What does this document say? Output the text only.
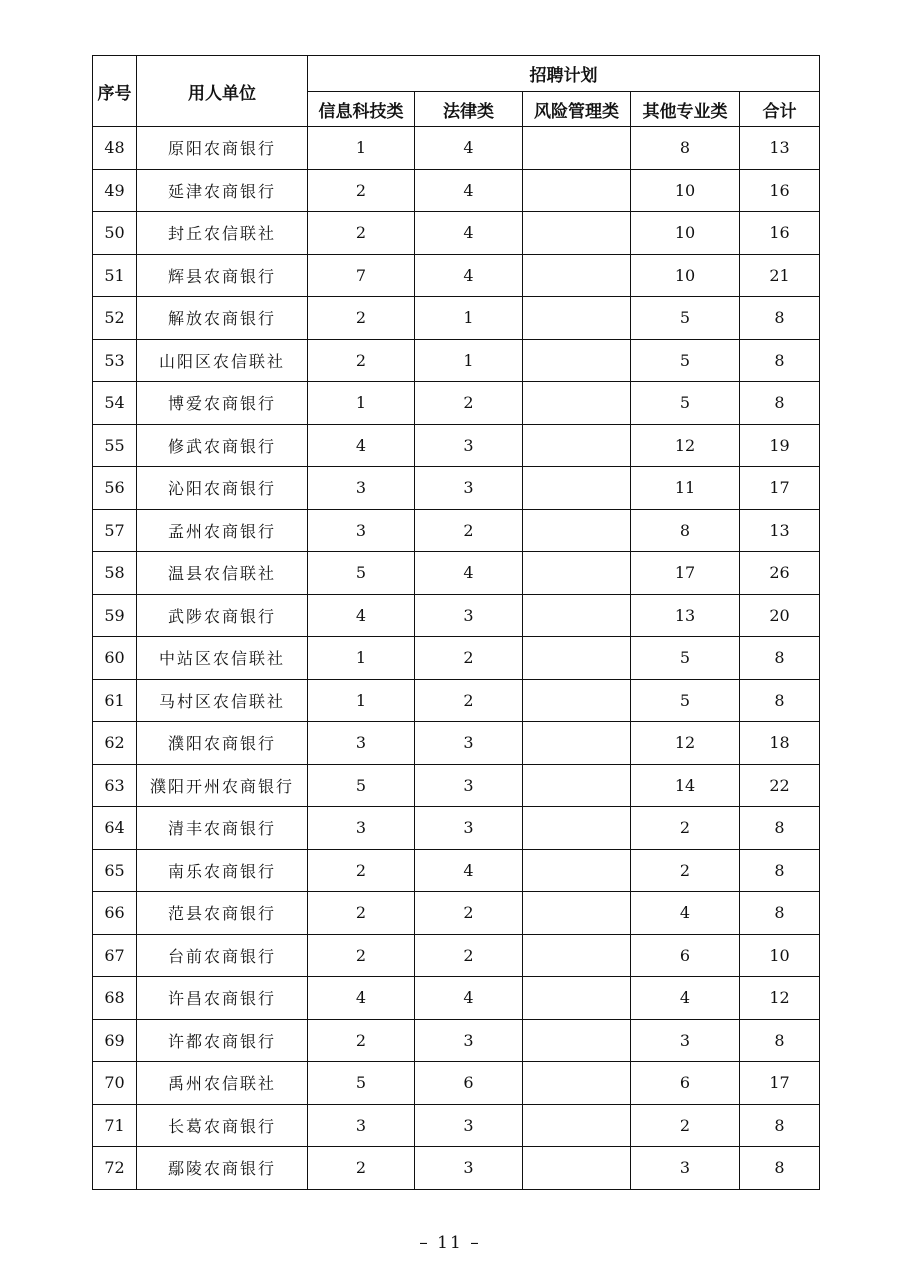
序号	用人单位	招聘计划				
		信息科技类	法律类	风险管理类	其他专业类	合计
48	原阳农商银行	1	4		8	13
49	延津农商银行	2	4		10	16
50	封丘农信联社	2	4		10	16
51	辉县农商银行	7	4		10	21
52	解放农商银行	2	1		5	8
53	山阳区农信联社	2	1		5	8
54	博爱农商银行	1	2		5	8
55	修武农商银行	4	3		12	19
56	沁阳农商银行	3	3		11	17
57	孟州农商银行	3	2		8	13
58	温县农信联社	5	4		17	26
59	武陟农商银行	4	3		13	20
60	中站区农信联社	1	2		5	8
61	马村区农信联社	1	2		5	8
62	濮阳农商银行	3	3		12	18
63	濮阳开州农商银行	5	3		14	22
64	清丰农商银行	3	3		2	8
65	南乐农商银行	2	4		2	8
66	范县农商银行	2	2		4	8
67	台前农商银行	2	2		6	10
68	许昌农商银行	4	4		4	12
69	许都农商银行	2	3		3	8
70	禹州农信联社	5	6		6	17
71	长葛农商银行	3	3		2	8
72	鄢陵农商银行	2	3		3	8
– 11 –
